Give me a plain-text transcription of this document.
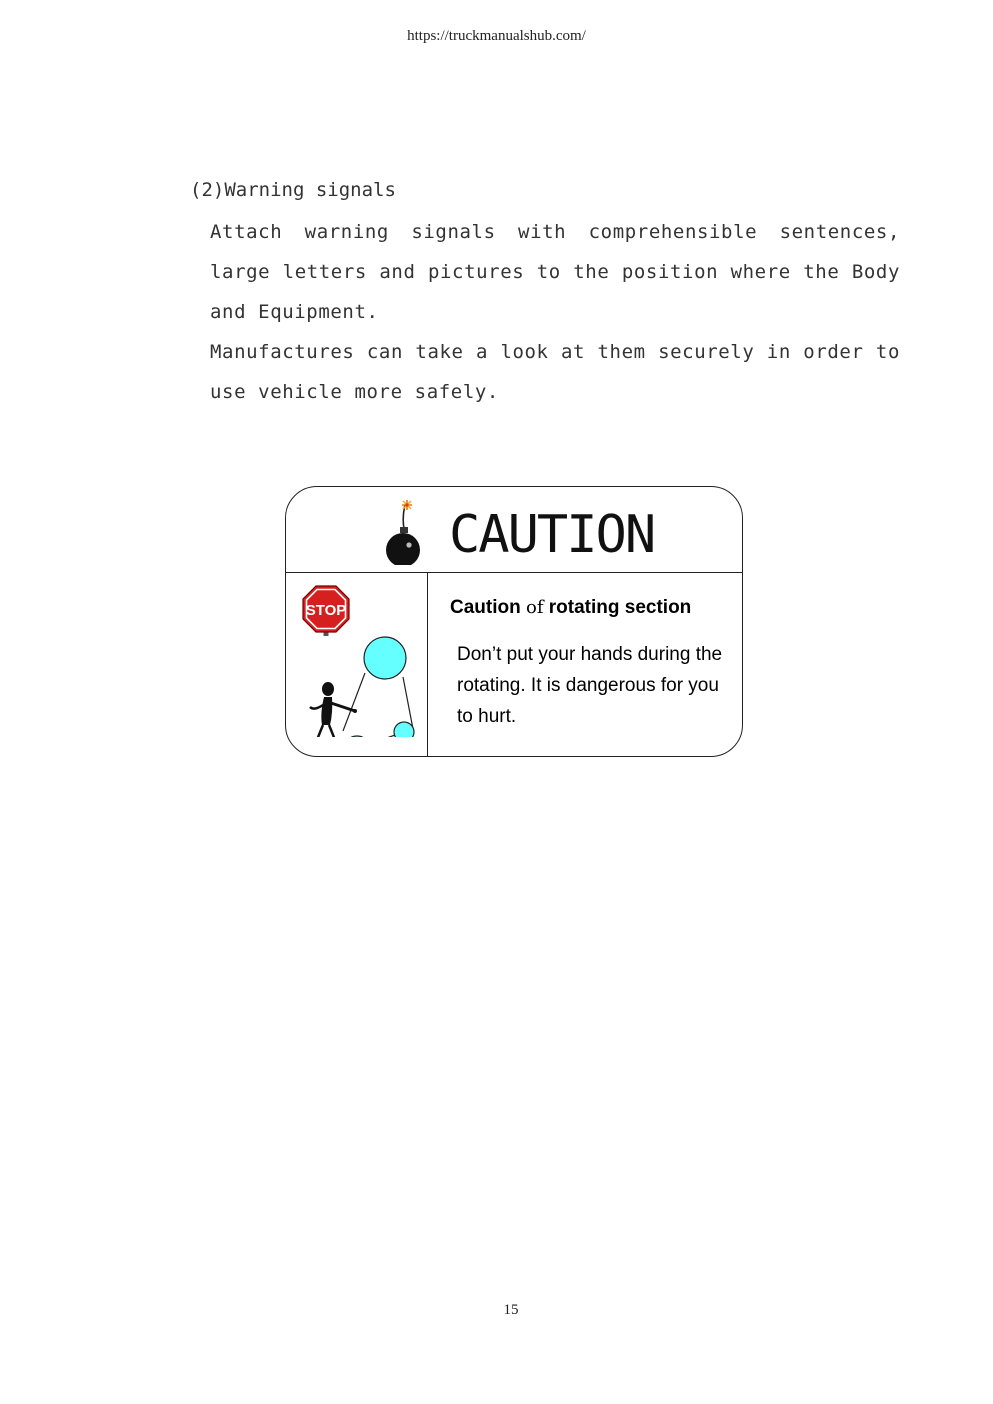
https://truckmanualshub.com/
(2)Warning signals

Attach warning signals with comprehensible sentences, large letters and pictures to the position where the Body and Equipment.

Manufactures can take a look at them securely in order to use vehicle more safely.

CAUTION
STOP	Caution of rotating section
Don’t put your hands during the rotating. It is dangerous for you to hurt.
15
